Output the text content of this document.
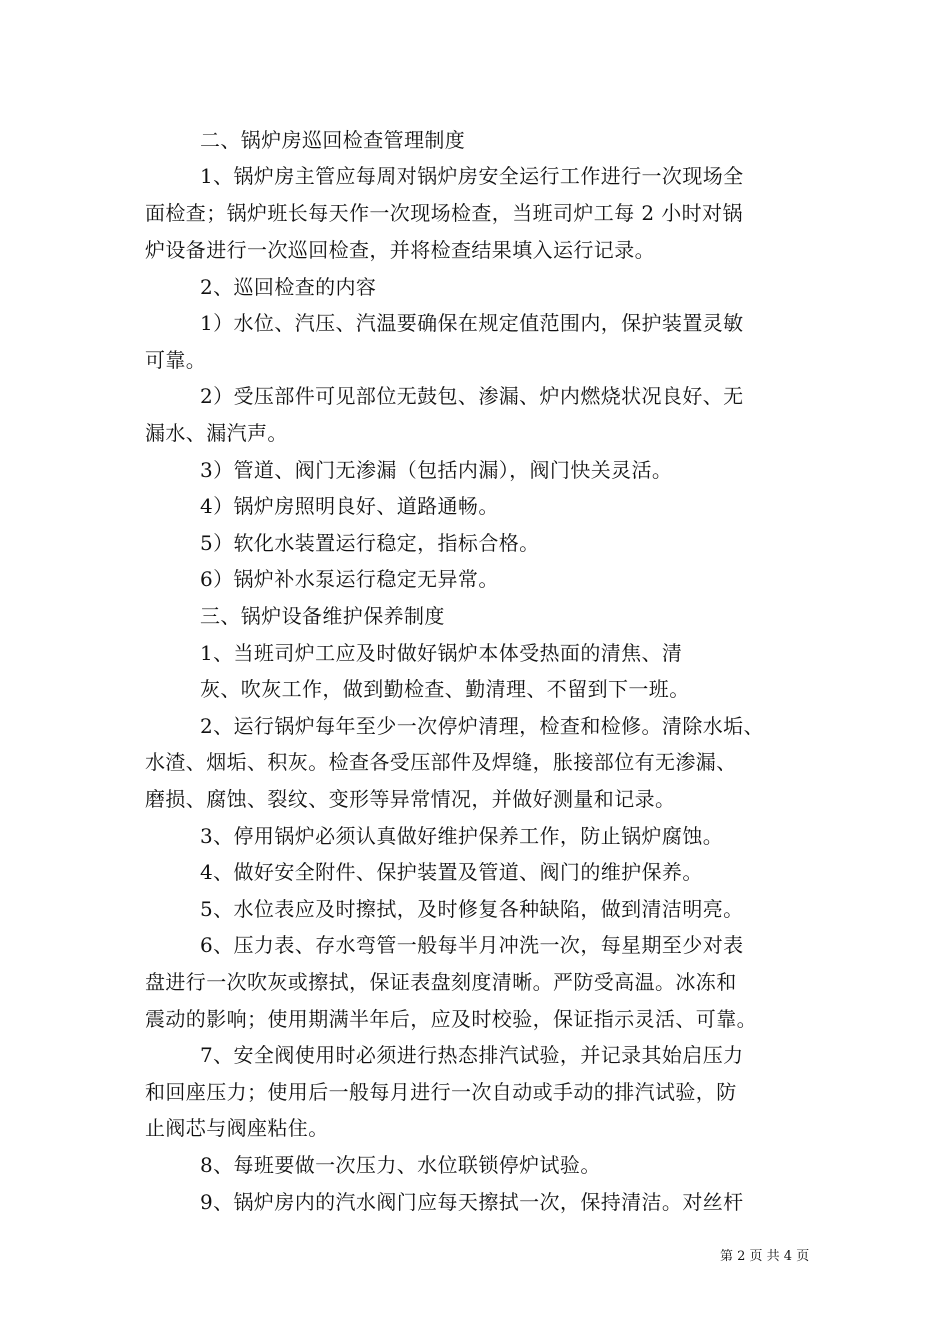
二、锅炉房巡回检查管理制度
1、锅炉房主管应每周对锅炉房安全运行工作进行一次现场全
面检查；锅炉班长每天作一次现场检查，当班司炉工每 2 小时对锅
炉设备进行一次巡回检查，并将检查结果填入运行记录。
2、巡回检查的内容
1）水位、汽压、汽温要确保在规定值范围内，保护装置灵敏
可靠。
2）受压部件可见部位无鼓包、渗漏、炉内燃烧状况良好、无
漏水、漏汽声。
3）管道、阀门无渗漏（包括内漏），阀门快关灵活。
4）锅炉房照明良好、道路通畅。
5）软化水装置运行稳定，指标合格。
6）锅炉补水泵运行稳定无异常。
三、锅炉设备维护保养制度
1、当班司炉工应及时做好锅炉本体受热面的清焦、清
灰、吹灰工作，做到勤检查、勤清理、不留到下一班。
2、运行锅炉每年至少一次停炉清理，检查和检修。清除水垢、
水渣、烟垢、积灰。检查各受压部件及焊缝，胀接部位有无渗漏、
磨损、腐蚀、裂纹、变形等异常情况，并做好测量和记录。
3、停用锅炉必须认真做好维护保养工作，防止锅炉腐蚀。
4、做好安全附件、保护装置及管道、阀门的维护保养。
5、水位表应及时擦拭，及时修复各种缺陷，做到清洁明亮。
6、压力表、存水弯管一般每半月冲洗一次，每星期至少对表
盘进行一次吹灰或擦拭，保证表盘刻度清晰。严防受高温。冰冻和
震动的影响；使用期满半年后，应及时校验，保证指示灵活、可靠。
7、安全阀使用时必须进行热态排汽试验，并记录其始启压力
和回座压力；使用后一般每月进行一次自动或手动的排汽试验，防
止阀芯与阀座粘住。
8、每班要做一次压力、水位联锁停炉试验。
9、锅炉房内的汽水阀门应每天擦拭一次，保持清洁。对丝杆
第 2 页 共 4 页
